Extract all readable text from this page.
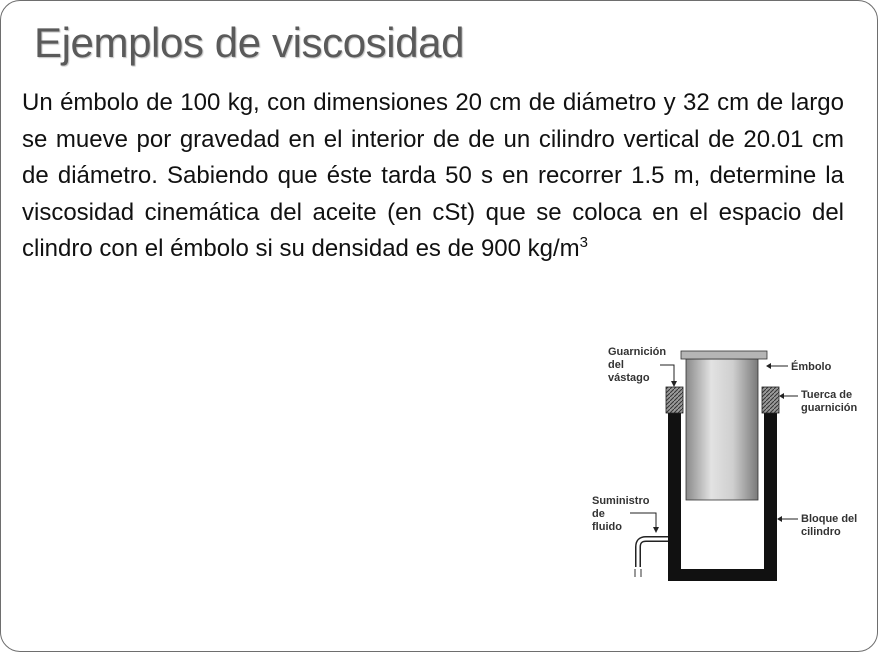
Ejemplos de viscosidad
Un émbolo de 100 kg, con dimensiones 20 cm de diámetro y 32 cm de largo se mueve por gravedad en el interior de de un cilindro vertical de 20.01 cm de diámetro. Sabiendo que éste tarda 50 s en recorrer 1.5 m, determine la viscosidad cinemática del aceite (en cSt) que se coloca en el espacio del clindro con el émbolo si su densidad es de 900 $kg/m^3$
Guarnición del vástago
Émbolo
Tuerca de guarnición
Suministro de fluido
Bloque del cilindro
